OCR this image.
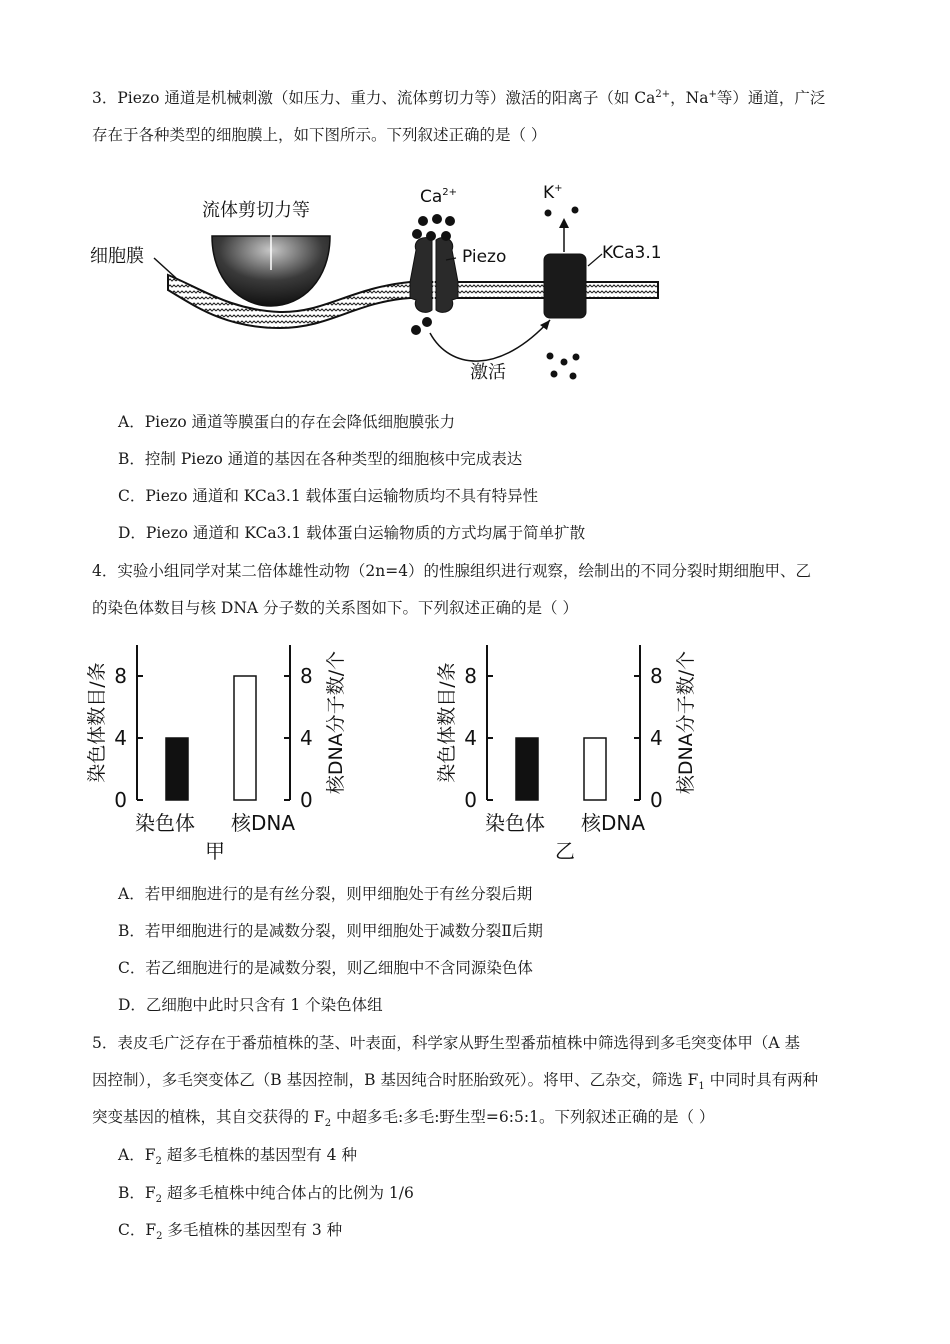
3．Piezo 通道是机械刺激（如压力、重力、流体剪切力等）激活的阳离子（如 $Ca^{2+}$，Na+等）通道，广泛
存在于各种类型的细胞膜上，如下图所示。下列叙述正确的是（ ）
流体剪切力等
细胞膜
$Ca^{2+}$
Piezo
激活
K+
KCa3.1
A．Piezo 通道等膜蛋白的存在会降低细胞膜张力
B．控制 Piezo 通道的基因在各种类型的细胞核中完成表达
C．Piezo 通道和 KCa3.1 载体蛋白运输物质均不具有特异性
D．Piezo 通道和 KCa3.1 载体蛋白运输物质的方式均属于简单扩散
4．实验小组同学对某二倍体雄性动物（2n=4）的性腺组织进行观察，绘制出的不同分裂时期细胞甲、乙
的染色体数目与核 DNA 分子数的关系图如下。下列叙述正确的是（ ）
0	0
4	4
8	8
染色体 核DNA
甲
染色体数目/条	核DNA分子数/个
0	0
4	4
8	8
染色体 核DNA
乙
染色体数目/条	核DNA分子数/个
A．若甲细胞进行的是有丝分裂，则甲细胞处于有丝分裂后期
B．若甲细胞进行的是减数分裂，则甲细胞处于减数分裂Ⅱ后期
C．若乙细胞进行的是减数分裂，则乙细胞中不含同源染色体
D．乙细胞中此时只含有 1 个染色体组
5．表皮毛广泛存在于番茄植株的茎、叶表面，科学家从野生型番茄植株中筛选得到多毛突变体甲（A 基
因控制），多毛突变体乙（B 基因控制，B 基因纯合时胚胎致死）。将甲、乙杂交，筛选 $F_1$ 中同时具有两种
突变基因的植株，其自交获得的 $F_2$ 中超多毛:多毛:野生型=6:5:1。下列叙述正确的是（ ）
A．$F_2$ 超多毛植株的基因型有 4 种
B．$F_2$ 超多毛植株中纯合体占的比例为 1/6
C．$F_2$ 多毛植株的基因型有 3 种
